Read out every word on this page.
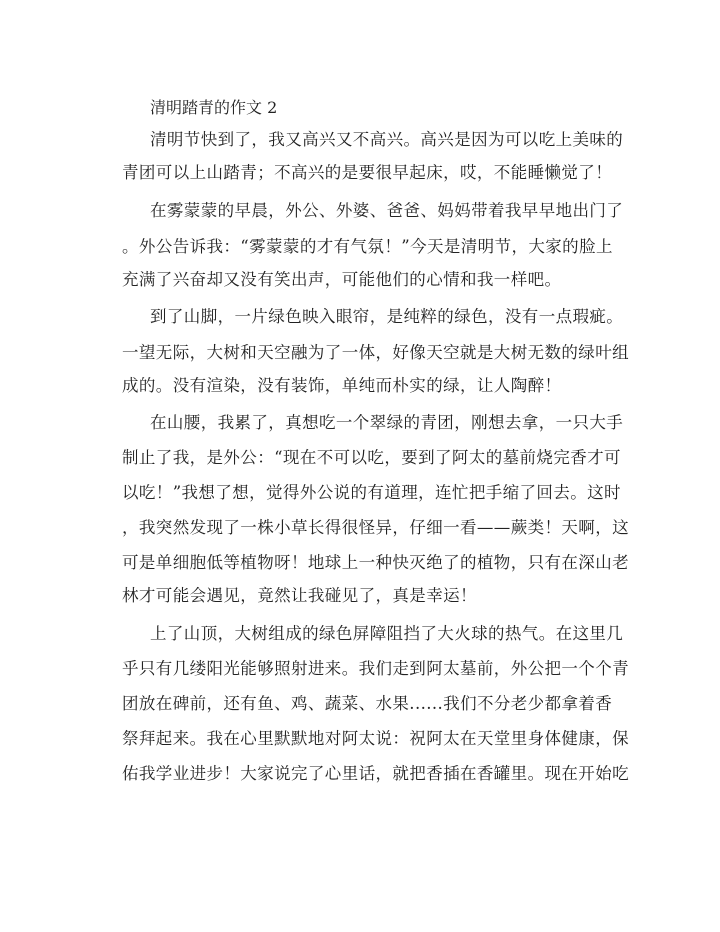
清明踏青的作文 2
清明节快到了，我又高兴又不高兴。高兴是因为可以吃上美味的
青团可以上山踏青；不高兴的是要很早起床，哎，不能睡懒觉了！
在雾蒙蒙的早晨，外公、外婆、爸爸、妈妈带着我早早地出门了
。外公告诉我：“雾蒙蒙的才有气氛！”今天是清明节，大家的脸上
充满了兴奋却又没有笑出声，可能他们的心情和我一样吧。
到了山脚，一片绿色映入眼帘，是纯粹的绿色，没有一点瑕疵。
一望无际，大树和天空融为了一体，好像天空就是大树无数的绿叶组
成的。没有渲染，没有装饰，单纯而朴实的绿，让人陶醉！
在山腰，我累了，真想吃一个翠绿的青团，刚想去拿，一只大手
制止了我，是外公：“现在不可以吃，要到了阿太的墓前烧完香才可
以吃！”我想了想，觉得外公说的有道理，连忙把手缩了回去。这时
，我突然发现了一株小草长得很怪异，仔细一看——蕨类！天啊，这
可是单细胞低等植物呀！地球上一种快灭绝了的植物，只有在深山老
林才可能会遇见，竟然让我碰见了，真是幸运！
上了山顶，大树组成的绿色屏障阻挡了大火球的热气。在这里几
乎只有几缕阳光能够照射进来。我们走到阿太墓前，外公把一个个青
团放在碑前，还有鱼、鸡、蔬菜、水果......我们不分老少都拿着香
祭拜起来。我在心里默默地对阿太说：祝阿太在天堂里身体健康，保
佑我学业进步！大家说完了心里话，就把香插在香罐里。现在开始吃
